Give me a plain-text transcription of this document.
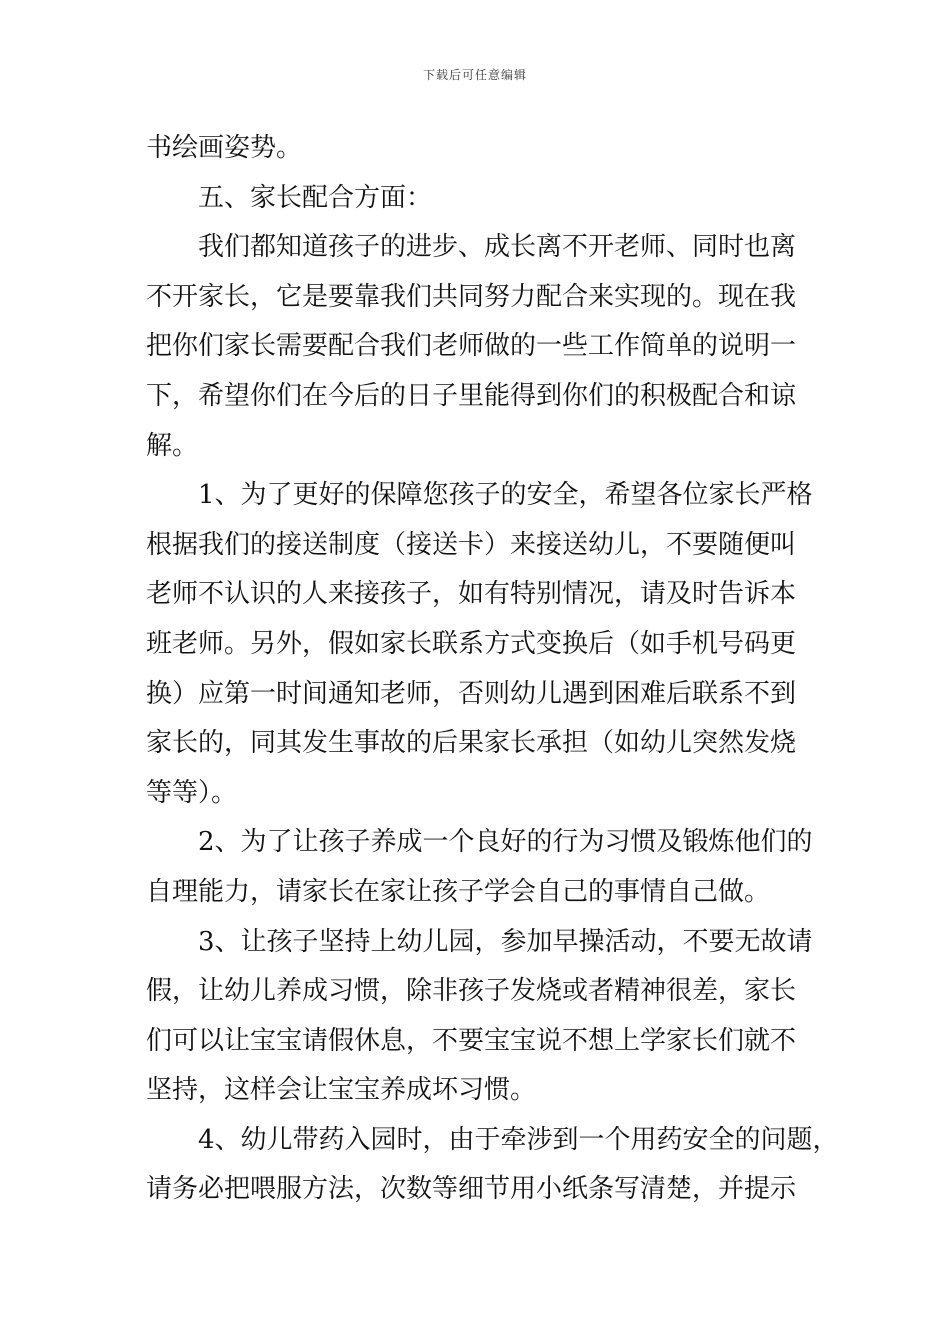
下载后可任意编辑
书绘画姿势。
五、家长配合方面：
我们都知道孩子的进步、成长离不开老师、同时也离
不开家长，它是要靠我们共同努力配合来实现的。现在我
把你们家长需要配合我们老师做的一些工作简单的说明一
下，希望你们在今后的日子里能得到你们的积极配合和谅
解。
1、为了更好的保障您孩子的安全，希望各位家长严格
根据我们的接送制度（接送卡）来接送幼儿，不要随便叫
老师不认识的人来接孩子，如有特别情况，请及时告诉本
班老师。另外，假如家长联系方式变换后（如手机号码更
换）应第一时间通知老师，否则幼儿遇到困难后联系不到
家长的，同其发生事故的后果家长承担（如幼儿突然发烧
等等）。
2、为了让孩子养成一个良好的行为习惯及锻炼他们的
自理能力，请家长在家让孩子学会自己的事情自己做。
3、让孩子坚持上幼儿园，参加早操活动，不要无故请
假，让幼儿养成习惯，除非孩子发烧或者精神很差，家长
们可以让宝宝请假休息，不要宝宝说不想上学家长们就不
坚持，这样会让宝宝养成坏习惯。
4、幼儿带药入园时，由于牵涉到一个用药安全的问题，
请务必把喂服方法，次数等细节用小纸条写清楚，并提示
